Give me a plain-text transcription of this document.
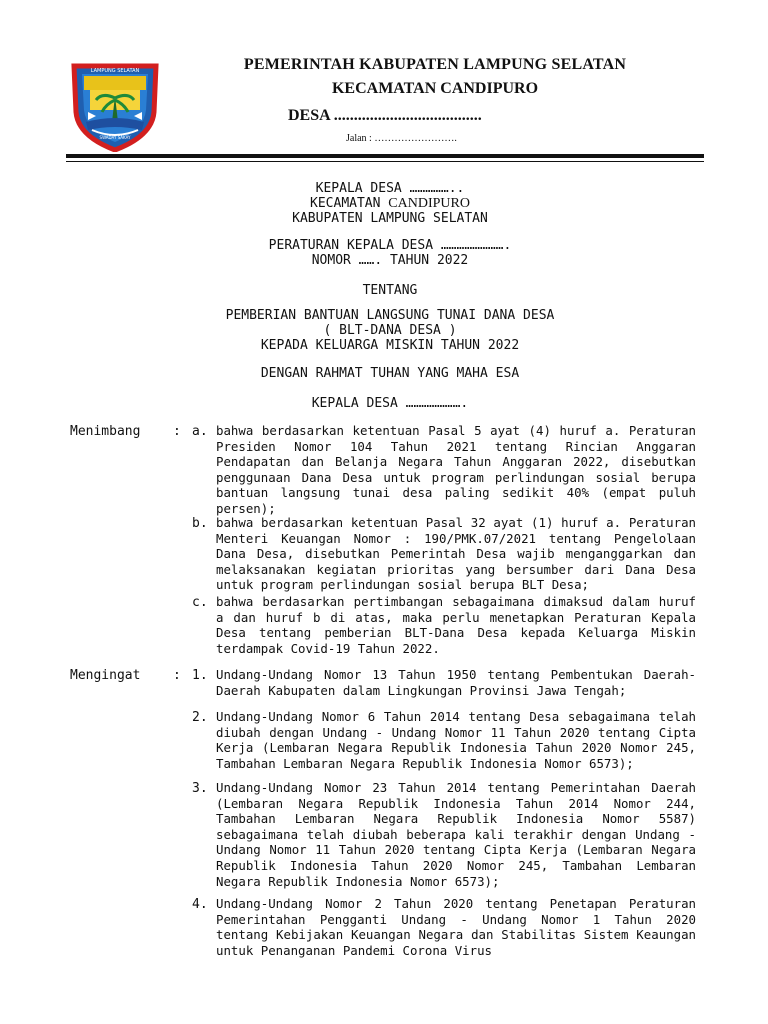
LAMPUNG SELATAN
SWADAY SAKAY
PEMERINTAH KABUPATEN LAMPUNG SELATAN
KECAMATAN CANDIPURO
DESA .....................................
Jalan : …………………….
KEPALA DESA ……………..
KECAMATAN CANDIPURO
KABUPATEN LAMPUNG SELATAN
PERATURAN KEPALA DESA …………………….
NOMOR ……. TAHUN 2022
TENTANG
PEMBERIAN BANTUAN LANGSUNG TUNAI DANA DESA
( BLT-DANA DESA )
KEPADA KELUARGA MISKIN TAHUN 2022
DENGAN RAHMAT TUHAN YANG MAHA ESA
KEPALA DESA ………………….
Menimbang	: a. bahwa berdasarkan ketentuan Pasal 5 ayat (4) huruf a. Peraturan Presiden Nomor 104 Tahun 2021 tentang Rincian Anggaran Pendapatan dan Belanja Negara Tahun Anggaran 2022, disebutkan penggunaan Dana Desa untuk program perlindungan sosial berupa bantuan langsung tunai desa paling sedikit 40% (empat puluh persen);
b. bahwa berdasarkan ketentuan Pasal 32 ayat (1) huruf a. Peraturan Menteri Keuangan Nomor : 190/PMK.07/2021 tentang Pengelolaan Dana Desa, disebutkan Pemerintah Desa wajib menganggarkan dan melaksanakan kegiatan prioritas yang bersumber dari Dana Desa untuk program perlindungan sosial berupa BLT Desa;
c. bahwa berdasarkan pertimbangan sebagaimana dimaksud dalam huruf a dan huruf b di atas, maka perlu menetapkan Peraturan Kepala Desa tentang pemberian BLT-Dana Desa kepada Keluarga Miskin terdampak Covid-19 Tahun 2022.
Mengingat	: 1. Undang-Undang Nomor 13 Tahun 1950 tentang Pembentukan Daerah-Daerah Kabupaten dalam Lingkungan Provinsi Jawa Tengah;
2. Undang-Undang Nomor 6 Tahun 2014 tentang Desa sebagaimana telah diubah dengan Undang - Undang Nomor 11 Tahun 2020 tentang Cipta Kerja (Lembaran Negara Republik Indonesia Tahun 2020 Nomor 245, Tambahan Lembaran Negara Republik Indonesia Nomor 6573);
3. Undang-Undang Nomor 23 Tahun 2014 tentang Pemerintahan Daerah (Lembaran Negara Republik Indonesia Tahun 2014 Nomor 244, Tambahan Lembaran Negara Republik Indonesia Nomor 5587) sebagaimana telah diubah beberapa kali terakhir dengan Undang - Undang Nomor 11 Tahun 2020 tentang Cipta Kerja (Lembaran Negara Republik Indonesia Tahun 2020 Nomor 245, Tambahan Lembaran Negara Republik Indonesia Nomor 6573);
4. Undang-Undang Nomor 2 Tahun 2020 tentang Penetapan Peraturan Pemerintahan Pengganti Undang - Undang Nomor 1 Tahun 2020 tentang Kebijakan Keuangan Negara dan Stabilitas Sistem Keaungan untuk Penanganan Pandemi Corona Virus
